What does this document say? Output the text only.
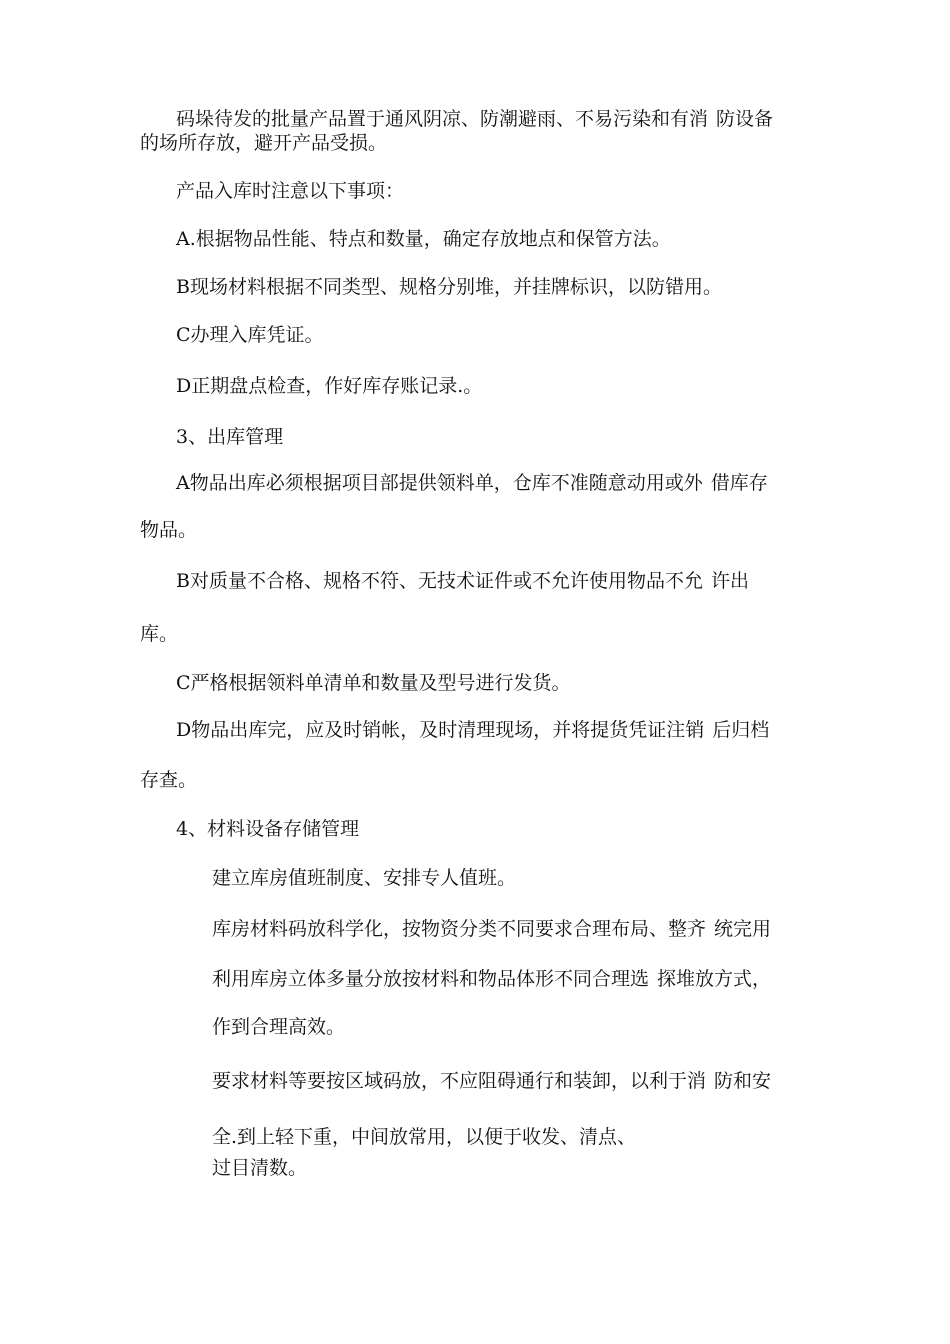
码垛待发的批量产品置于通风阴凉、防潮避雨、不易污染和有消 防设备

的场所存放，避开产品受损。

产品入库时注意以下事项：

A.根据物品性能、特点和数量，确定存放地点和保管方法。

B现场材料根据不同类型、规格分别堆，并挂牌标识，以防错用。

C办理入库凭证。

D正期盘点检查，作好库存账记录.。

3、出库管理

A物品出库必须根据项目部提供领料单，仓库不准随意动用或外 借库存

物品。

B对质量不合格、规格不符、无技术证件或不允许使用物品不允 许出

库。

C严格根据领料单清单和数量及型号进行发货。

D物品出库完，应及时销帐，及时清理现场，并将提货凭证注销 后归档

存查。

4、材料设备存储管理

建立库房值班制度、安排专人值班。

库房材料码放科学化，按物资分类不同要求合理布局、整齐 统完用

利用库房立体多量分放按材料和物品体形不同合理选 探堆放方式，

作到合理高效。

要求材料等要按区域码放，不应阻碍通行和装卸，以利于消 防和安

全.到上轻下重，中间放常用，以便于收发、清点、

过目清数。
